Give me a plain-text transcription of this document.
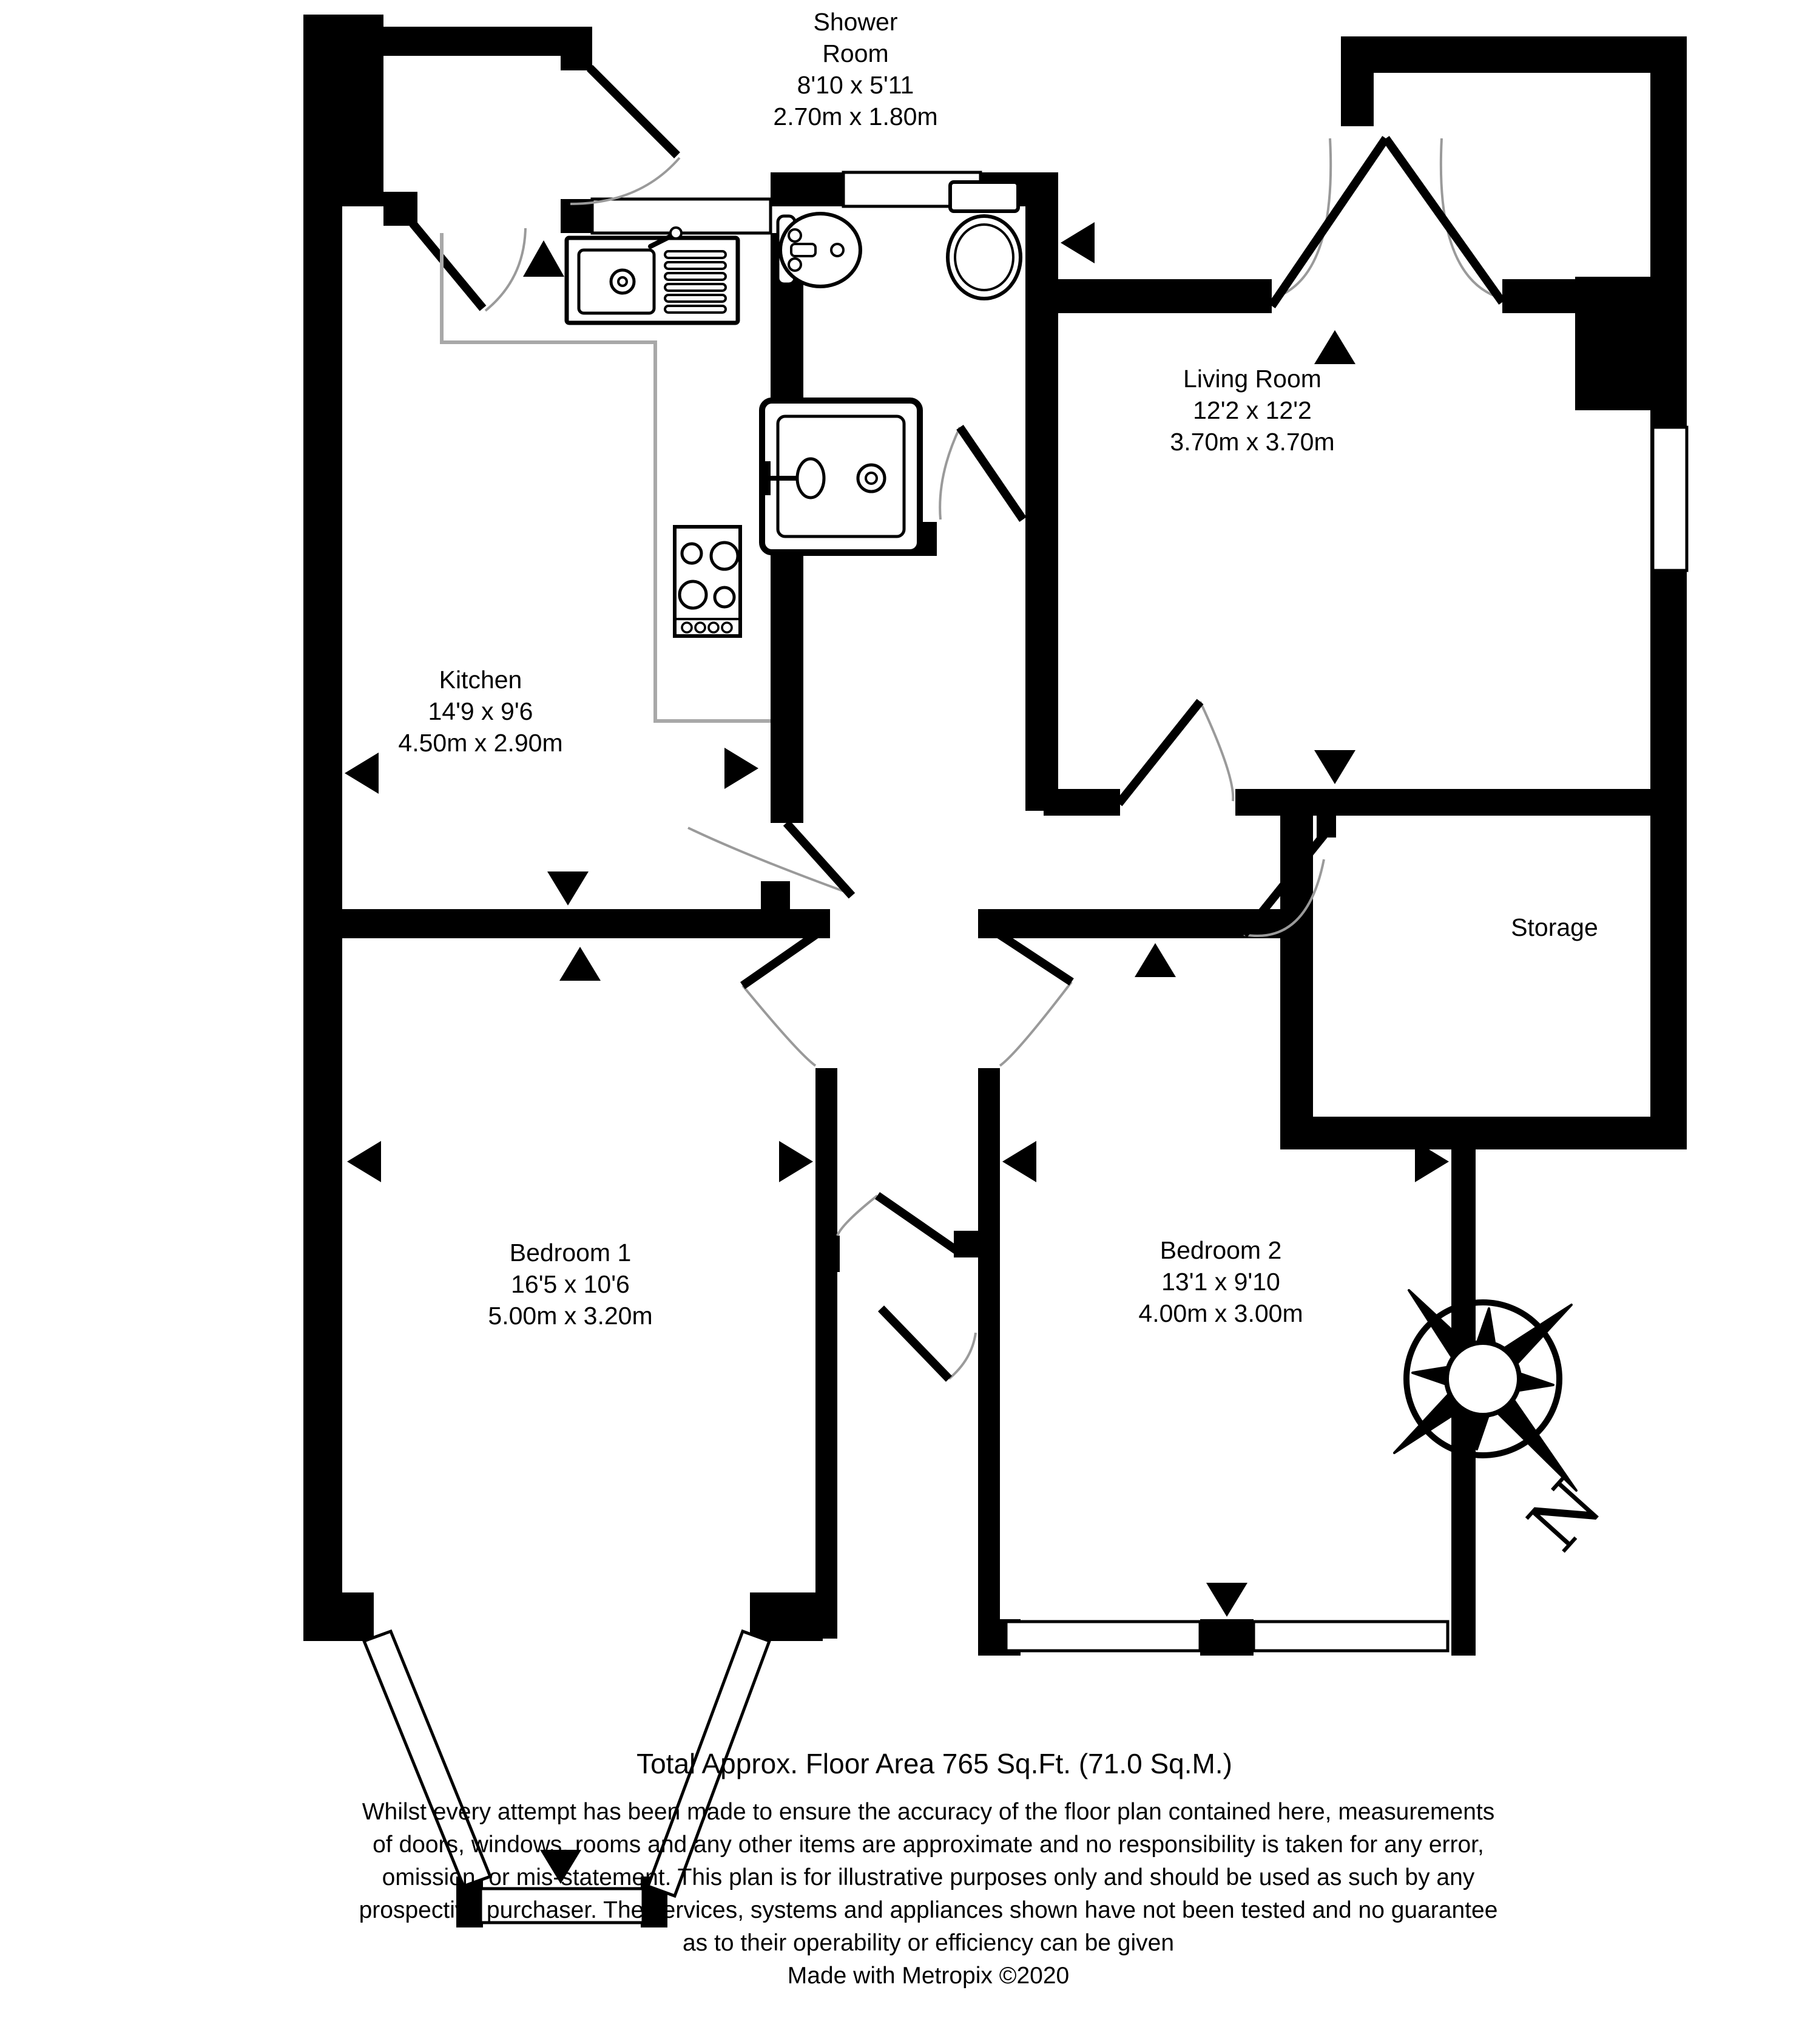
N
Shower
Room
8'10 x 5'11
2.70m x 1.80m
Living Room
12'2 x 12'2
3.70m x 3.70m
Kitchen
14'9 x 9'6
4.50m x 2.90m
Storage
Bedroom 1
16'5 x 10'6
5.00m x 3.20m
Bedroom 2
13'1 x 9'10
4.00m x 3.00m
Total Approx. Floor Area 765 Sq.Ft. (71.0 Sq.M.)
Whilst every attempt has been made to ensure the accuracy of the floor plan contained here, measurements
of doors, windows, rooms and any other items are approximate and no responsibility is taken for any error,
omission, or mis-statement. This plan is for illustrative purposes only and should be used as such by any
prospective purchaser. The services, systems and appliances shown have not been tested and no guarantee
as to their operability or efficiency can be given
Made with Metropix ©2020
